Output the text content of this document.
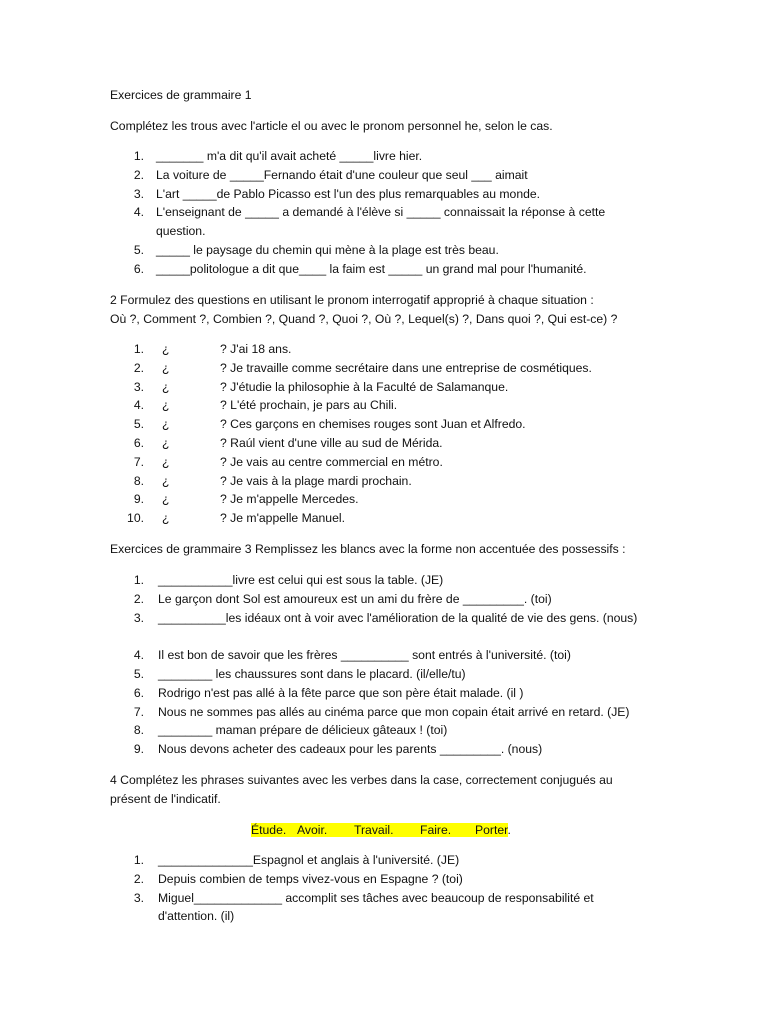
Exercices de grammaire 1

Complétez les trous avec l'article el ou avec le pronom personnel he, selon le cas.

1. _______ m'a dit qu'il avait acheté _____livre hier.
2. La voiture de _____Fernando était d'une couleur que seul ___ aimait
3. L'art _____de Pablo Picasso est l'un des plus remarquables au monde.
4. L'enseignant de _____ a demandé à l'élève si _____ connaissait la réponse à cette question.
5. _____ le paysage du chemin qui mène à la plage est très beau.
6. _____politologue a dit que____ la faim est _____ un grand mal pour l'humanité.

2 Formulez des questions en utilisant le pronom interrogatif approprié à chaque situation :

Où ?, Comment ?, Combien ?, Quand ?, Quoi ?, Où ?, Lequel(s) ?, Dans quoi ?, Qui est-ce) ?

1. ¿	? J'ai 18 ans.
2. ¿	? Je travaille comme secrétaire dans une entreprise de cosmétiques.
3. ¿	? J'étudie la philosophie à la Faculté de Salamanque.
4. ¿	? L'été prochain, je pars au Chili.
5. ¿	? Ces garçons en chemises rouges sont Juan et Alfredo.
6. ¿	? Raúl vient d'une ville au sud de Mérida.
7. ¿	? Je vais au centre commercial en métro.
8. ¿	? Je vais à la plage mardi prochain.
9. ¿	? Je m'appelle Mercedes.
10. ¿	? Je m'appelle Manuel.

Exercices de grammaire 3 Remplissez les blancs avec la forme non accentuée des possessifs :

1. ___________livre est celui qui est sous la table. (JE)
2. Le garçon dont Sol est amoureux est un ami du frère de _________. (toi)
3. __________les idéaux ont à voir avec l'amélioration de la qualité de vie des gens. (nous)
4. Il est bon de savoir que les frères __________ sont entrés à l'université. (toi)
5. ________ les chaussures sont dans le placard. (il/elle/tu)
6. Rodrigo n'est pas allé à la fête parce que son père était malade. (il )
7. Nous ne sommes pas allés au cinéma parce que mon copain était arrivé en retard. (JE)
8. ________ maman prépare de délicieux gâteaux ! (toi)
9. Nous devons acheter des cadeaux pour les parents _________. (nous)

4 Complétez les phrases suivantes avec les verbes dans la case, correctement conjugués au

présent de l'indicatif.

Étude. Avoir. Travail. Faire. Porter.
1. ______________Espagnol et anglais à l'université. (JE)
2. Depuis combien de temps vivez-vous en Espagne ? (toi)
3. Miguel_____________ accomplit ses tâches avec beaucoup de responsabilité et d'attention. (il)
